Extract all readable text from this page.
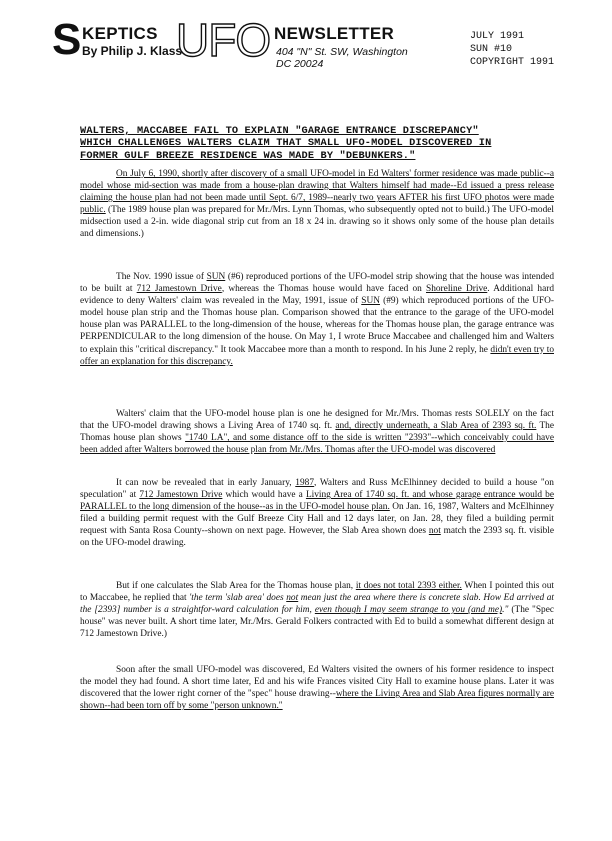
S KEPTICS
By Philip J. Klass
UFO NEWSLETTER
404 "N" St. SW, Washington DC 20024
JULY 1991
SUN #10
COPYRIGHT 1991
WALTERS, MACCABEE FAIL TO EXPLAIN "GARAGE ENTRANCE DISCREPANCY"
WHICH CHALLENGES WALTERS CLAIM THAT SMALL UFO-MODEL DISCOVERED IN
FORMER GULF BREEZE RESIDENCE WAS MADE BY "DEBUNKERS."

On July 6, 1990, shortly after discovery of a small UFO-model in Ed Walters' former residence was made public--a model whose mid-section was made from a house-plan drawing that Walters himself had made--Ed issued a press release claiming the house plan had not been made until Sept. 6/7, 1989--nearly two years AFTER his first UFO photos were made public. (The 1989 house plan was prepared for Mr./Mrs. Lynn Thomas, who subsequently opted not to build.) The UFO-model midsection used a 2-in. wide diagonal strip cut from an 18 x 24 in. drawing so it shows only some of the house plan details and dimensions.)

The Nov. 1990 issue of SUN (#6) reproduced portions of the UFO-model strip showing that the house was intended to be built at 712 Jamestown Drive, whereas the Thomas house would have faced on Shoreline Drive. Additional hard evidence to deny Walters' claim was revealed in the May, 1991, issue of SUN (#9) which reproduced portions of the UFO-model house plan strip and the Thomas house plan. Comparison showed that the entrance to the garage of the UFO-model house plan was PARALLEL to the long-dimension of the house, whereas for the Thomas house plan, the garage entrance was PERPENDICULAR to the long dimension of the house. On May 1, I wrote Bruce Maccabee and challenged him and Walters to explain this "critical discrepancy." It took Maccabee more than a month to respond. In his June 2 reply, he didn't even try to offer an explanation for this discrepancy.

Walters' claim that the UFO-model house plan is one he designed for Mr./Mrs. Thomas rests SOLELY on the fact that the UFO-model drawing shows a Living Area of 1740 sq. ft. and, directly underneath, a Slab Area of 2393 sq. ft. The Thomas house plan shows "1740 LA", and some distance off to the side is written "2393"--which conceivably could have been added after Walters borrowed the house plan from Mr./Mrs. Thomas after the UFO-model was discovered

It can now be revealed that in early January, 1987, Walters and Russ McElhinney decided to build a house "on speculation" at 712 Jamestown Drive which would have a Living Area of 1740 sq. ft. and whose garage entrance would be PARALLEL to the long dimension of the house--as in the UFO-model house plan. On Jan. 16, 1987, Walters and McElhinney filed a building permit request with the Gulf Breeze City Hall and 12 days later, on Jan. 28, they filed a building permit request with Santa Rosa County--shown on next page. However, the Slab Area shown does not match the 2393 sq. ft. visible on the UFO-model drawing.

But if one calculates the Slab Area for the Thomas house plan, it does not total 2393 either. When I pointed this out to Maccabee, he replied that 'the term 'slab area' does not mean just the area where there is concrete slab. How Ed arrived at the [2393] number is a straightfor-ward calculation for him, even though I may seem strange to you (and me)." (The "Spec house" was never built. A short time later, Mr./Mrs. Gerald Folkers contracted with Ed to build a somewhat different design at 712 Jamestown Drive.)

Soon after the small UFO-model was discovered, Ed Walters visited the owners of his former residence to inspect the model they had found. A short time later, Ed and his wife Frances visited City Hall to examine house plans. Later it was discovered that the lower right corner of the "spec" house drawing--where the Living Area and Slab Area figures normally are shown--had been torn off by some "person unknown."
